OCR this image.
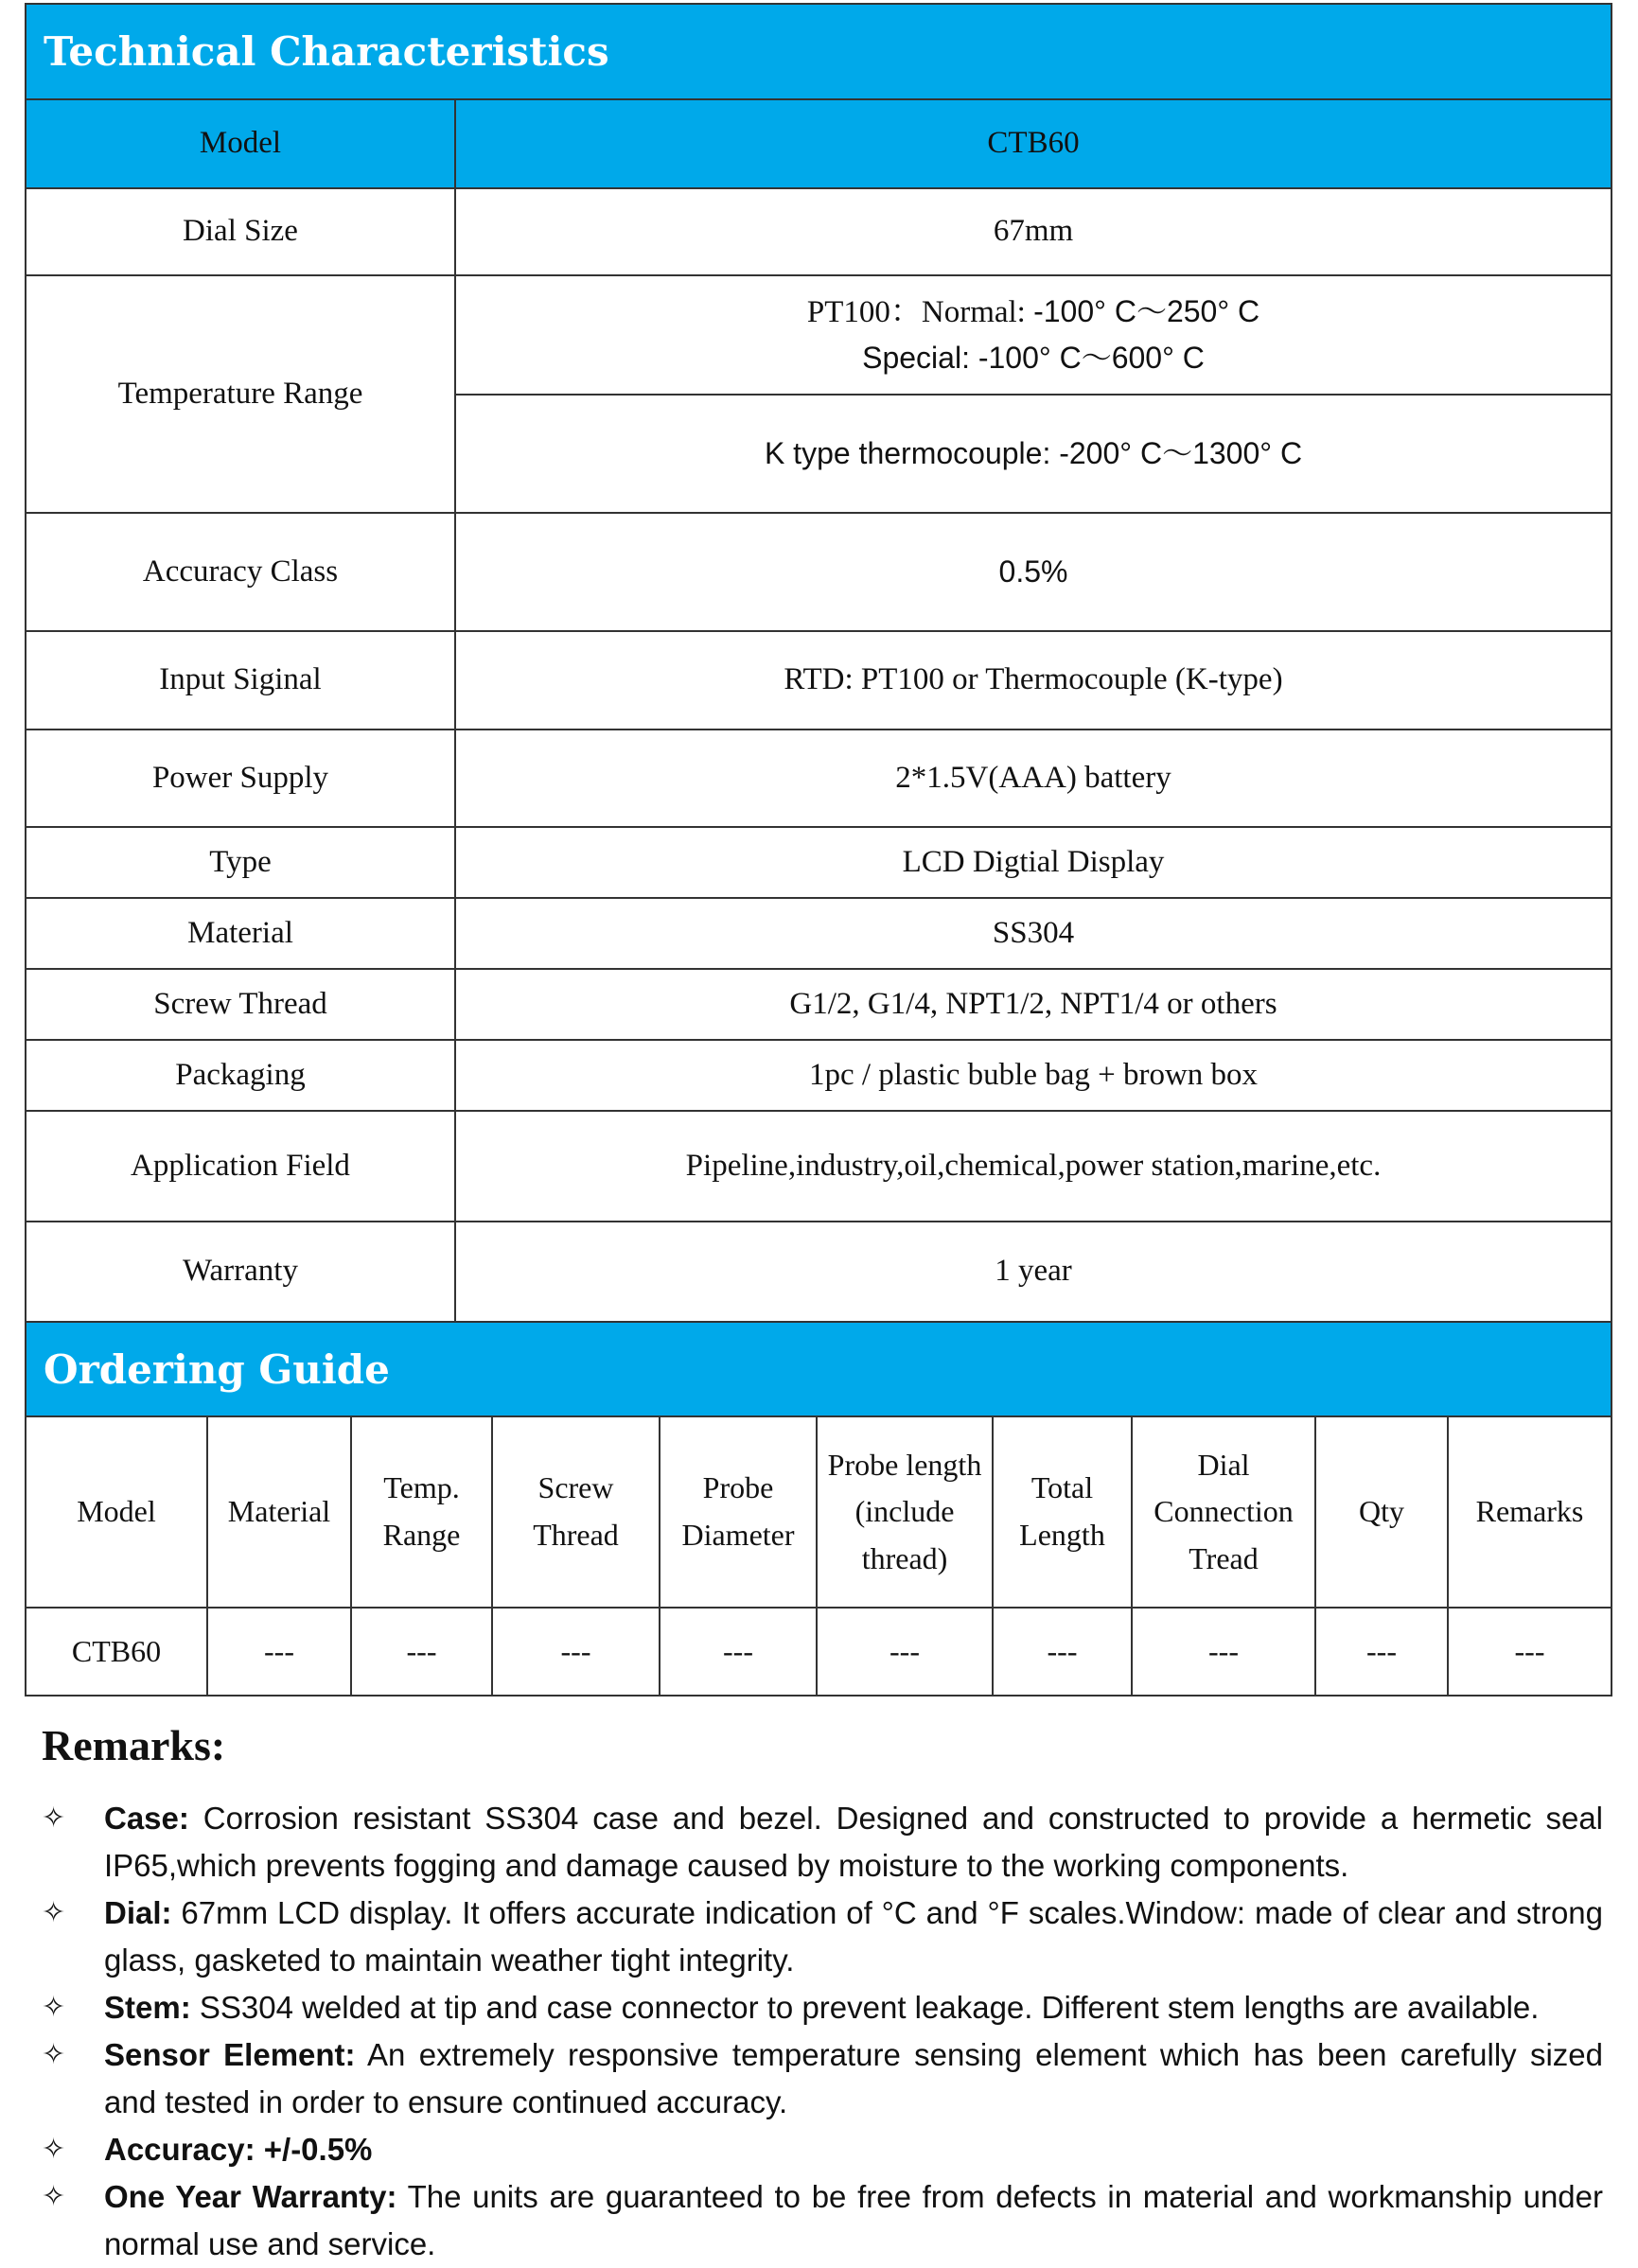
Technical Characteristics
Model	CTB60
Dial Size	67mm
Temperature Range	PT100：Normal: -100° C～250° C
Special: -100° C～600° C

	K type thermocouple: -200° C～1300° C
Accuracy Class	0.5%
Input Siginal	RTD: PT100 or Thermocouple (K-type)
Power Supply	2*1.5V(AAA) battery
Type	LCD Digtial Display
Material	SS304
Screw Thread	G1/2, G1/4, NPT1/2, NPT1/4 or others
Packaging	1pc / plastic buble bag + brown box
Application Field	Pipeline,industry,oil,chemical,power station,marine,etc.
Warranty	1 year
Ordering Guide
Model	Material	Temp. Range	Screw Thread	Probe Diameter	Probe length (include thread)	Total Length	Dial Connection Tread	Qty	Remarks
CTB60	---	---	---	---	---	---	---	---	---
Remarks:
✧	Case: Corrosion resistant SS304 case and bezel. Designed and constructed to provide a hermetic seal IP65,which prevents fogging and damage caused by moisture to the working components.
✧	Dial: 67mm LCD display. It offers accurate indication of °C and °F scales.Window: made of clear and strong glass, gasketed to maintain weather tight integrity.
✧	Stem: SS304 welded at tip and case connector to prevent leakage. Different stem lengths are available.
✧	Sensor Element: An extremely responsive temperature sensing element which has been carefully sized and tested in order to ensure continued accuracy.
✧	Accuracy: +/-0.5%
✧	One Year Warranty: The units are guaranteed to be free from defects in material and workmanship under normal use and service.
